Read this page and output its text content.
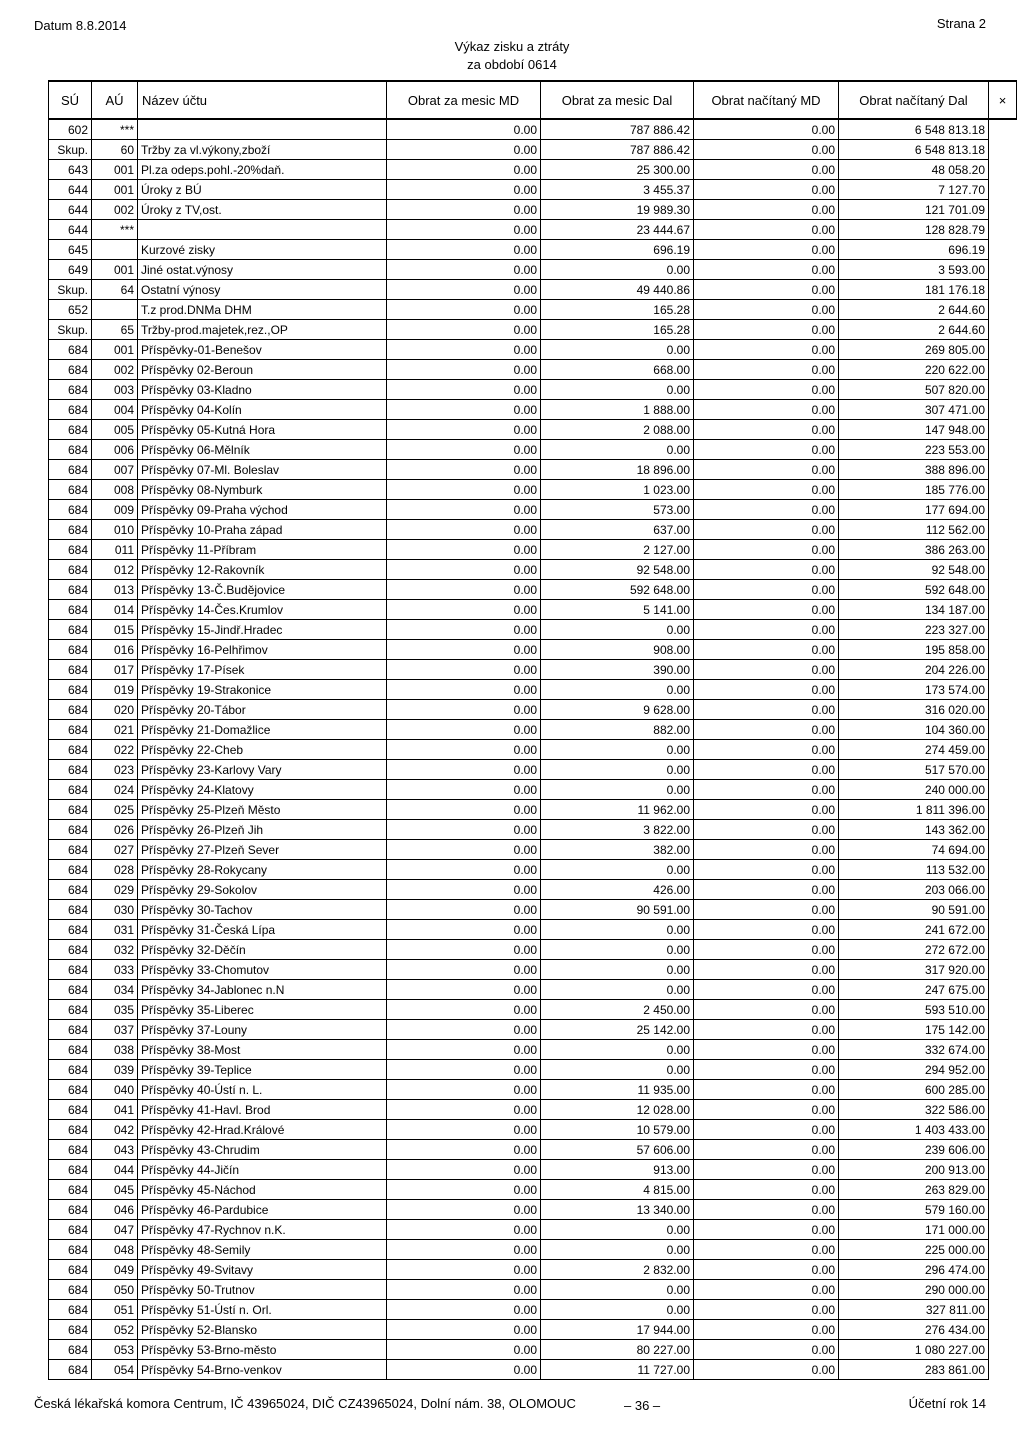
Datum 8.8.2014	Strana 2
Výkaz zisku a ztráty
za období 0614
SÚ	AÚ	Název účtu	Obrat za mesic MD	Obrat za mesic Dal	Obrat načítaný MD	Obrat načítaný Dal	×
602	***		0.00	787 886.42	0.00	6 548 813.18	
Skup.	60	Tržby za vl.výkony,zboží	0.00	787 886.42	0.00	6 548 813.18	
643	001	Pl.za odeps.pohl.-20%daň.	0.00	25 300.00	0.00	48 058.20	
644	001	Úroky z BÚ	0.00	3 455.37	0.00	7 127.70	
644	002	Úroky z TV,ost.	0.00	19 989.30	0.00	121 701.09	
644	***		0.00	23 444.67	0.00	128 828.79	
645		Kurzové zisky	0.00	696.19	0.00	696.19	
649	001	Jiné ostat.výnosy	0.00	0.00	0.00	3 593.00	
Skup.	64	Ostatní výnosy	0.00	49 440.86	0.00	181 176.18	
652		T.z prod.DNMa DHM	0.00	165.28	0.00	2 644.60	
Skup.	65	Tržby-prod.majetek,rez.,OP	0.00	165.28	0.00	2 644.60	
684	001	Příspěvky-01-Benešov	0.00	0.00	0.00	269 805.00	
684	002	Příspěvky 02-Beroun	0.00	668.00	0.00	220 622.00	
684	003	Příspěvky 03-Kladno	0.00	0.00	0.00	507 820.00	
684	004	Příspěvky 04-Kolín	0.00	1 888.00	0.00	307 471.00	
684	005	Příspěvky 05-Kutná Hora	0.00	2 088.00	0.00	147 948.00	
684	006	Příspěvky 06-Mělník	0.00	0.00	0.00	223 553.00	
684	007	Příspěvky 07-Ml. Boleslav	0.00	18 896.00	0.00	388 896.00	
684	008	Příspěvky 08-Nymburk	0.00	1 023.00	0.00	185 776.00	
684	009	Příspěvky 09-Praha východ	0.00	573.00	0.00	177 694.00	
684	010	Příspěvky 10-Praha západ	0.00	637.00	0.00	112 562.00	
684	011	Příspěvky 11-Příbram	0.00	2 127.00	0.00	386 263.00	
684	012	Příspěvky 12-Rakovník	0.00	92 548.00	0.00	92 548.00	
684	013	Příspěvky 13-Č.Budějovice	0.00	592 648.00	0.00	592 648.00	
684	014	Příspěvky 14-Čes.Krumlov	0.00	5 141.00	0.00	134 187.00	
684	015	Příspěvky 15-Jindř.Hradec	0.00	0.00	0.00	223 327.00	
684	016	Příspěvky 16-Pelhřimov	0.00	908.00	0.00	195 858.00	
684	017	Příspěvky 17-Písek	0.00	390.00	0.00	204 226.00	
684	019	Příspěvky 19-Strakonice	0.00	0.00	0.00	173 574.00	
684	020	Příspěvky 20-Tábor	0.00	9 628.00	0.00	316 020.00	
684	021	Příspěvky 21-Domažlice	0.00	882.00	0.00	104 360.00	
684	022	Příspěvky 22-Cheb	0.00	0.00	0.00	274 459.00	
684	023	Příspěvky 23-Karlovy Vary	0.00	0.00	0.00	517 570.00	
684	024	Příspěvky 24-Klatovy	0.00	0.00	0.00	240 000.00	
684	025	Příspěvky 25-Plzeň Město	0.00	11 962.00	0.00	1 811 396.00	
684	026	Příspěvky 26-Plzeň Jih	0.00	3 822.00	0.00	143 362.00	
684	027	Příspěvky 27-Plzeň Sever	0.00	382.00	0.00	74 694.00	
684	028	Příspěvky 28-Rokycany	0.00	0.00	0.00	113 532.00	
684	029	Příspěvky 29-Sokolov	0.00	426.00	0.00	203 066.00	
684	030	Příspěvky 30-Tachov	0.00	90 591.00	0.00	90 591.00	
684	031	Příspěvky 31-Česká Lípa	0.00	0.00	0.00	241 672.00	
684	032	Příspěvky 32-Děčín	0.00	0.00	0.00	272 672.00	
684	033	Příspěvky 33-Chomutov	0.00	0.00	0.00	317 920.00	
684	034	Příspěvky 34-Jablonec n.N	0.00	0.00	0.00	247 675.00	
684	035	Příspěvky 35-Liberec	0.00	2 450.00	0.00	593 510.00	
684	037	Příspěvky 37-Louny	0.00	25 142.00	0.00	175 142.00	
684	038	Příspěvky 38-Most	0.00	0.00	0.00	332 674.00	
684	039	Příspěvky 39-Teplice	0.00	0.00	0.00	294 952.00	
684	040	Příspěvky 40-Ústí n. L.	0.00	11 935.00	0.00	600 285.00	
684	041	Příspěvky 41-Havl. Brod	0.00	12 028.00	0.00	322 586.00	
684	042	Příspěvky 42-Hrad.Králové	0.00	10 579.00	0.00	1 403 433.00	
684	043	Příspěvky 43-Chrudim	0.00	57 606.00	0.00	239 606.00	
684	044	Příspěvky 44-Jičín	0.00	913.00	0.00	200 913.00	
684	045	Příspěvky 45-Náchod	0.00	4 815.00	0.00	263 829.00	
684	046	Příspěvky 46-Pardubice	0.00	13 340.00	0.00	579 160.00	
684	047	Příspěvky 47-Rychnov n.K.	0.00	0.00	0.00	171 000.00	
684	048	Příspěvky 48-Semily	0.00	0.00	0.00	225 000.00	
684	049	Příspěvky 49-Svitavy	0.00	2 832.00	0.00	296 474.00	
684	050	Příspěvky 50-Trutnov	0.00	0.00	0.00	290 000.00	
684	051	Příspěvky 51-Ústí n. Orl.	0.00	0.00	0.00	327 811.00	
684	052	Příspěvky 52-Blansko	0.00	17 944.00	0.00	276 434.00	
684	053	Příspěvky 53-Brno-město	0.00	80 227.00	0.00	1 080 227.00	
684	054	Příspěvky 54-Brno-venkov	0.00	11 727.00	0.00	283 861.00	
Česká lékařská komora Centrum, IČ 43965024, DIČ CZ43965024, Dolní nám. 38, OLOMOUC	– 36 –	Účetní rok 14
